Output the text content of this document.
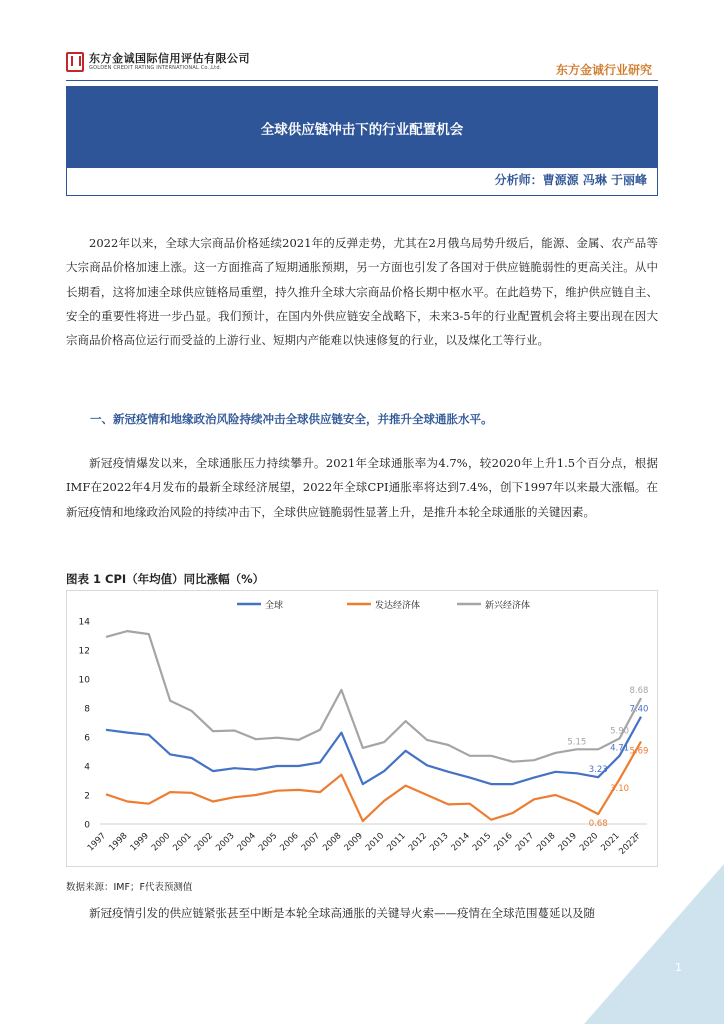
东方金诚国际信用评估有限公司
GOLDEN CREDIT RATING INTERNATIONAL Co.,Ltd.	东方金诚行业研究
全球供应链冲击下的行业配置机会
分析师：曹源源 冯琳 于丽峰

2022年以来，全球大宗商品价格延续2021年的反弹走势，尤其在2月俄乌局势升级后，能源、金属、农产品等大宗商品价格加速上涨。这一方面推高了短期通胀预期，另一方面也引发了各国对于供应链脆弱性的更高关注。从中长期看，这将加速全球供应链格局重塑，持久推升全球大宗商品价格长期中枢水平。在此趋势下，维护供应链自主、安全的重要性将进一步凸显。我们预计，在国内外供应链安全战略下，未来3-5年的行业配置机会将主要出现在因大宗商品价格高位运行而受益的上游行业、短期内产能难以快速修复的行业，以及煤化工等行业。

一、新冠疫情和地缘政治风险持续冲击全球供应链安全，并推升全球通胀水平。

新冠疫情爆发以来，全球通胀压力持续攀升。2021年全球通胀率为4.7%，较2020年上升1.5个百分点，根据IMF在2022年4月发布的最新全球经济展望，2022年全球CPI通胀率将达到7.4%，创下1997年以来最大涨幅。在新冠疫情和地缘政治风险的持续冲击下，全球供应链脆弱性显著上升，是推升本轮全球通胀的关键因素。

图表 1 CPI（年均值）同比涨幅（%）
0
2
4
6
8
10
12
14
1997 1998 1999 2000 2001 2002 2003 2004 2005 2006 2007 2008 2009 2010 2011 2012 2013 2014 2015 2016 2017 2018 2019 2020 2021
2022F
3.23
4.71
7.40
全球
0.68
3.10
5.69
发达经济体
5.15
5.90
8.68
新兴经济体
数据来源：IMF；F代表预测值
新冠疫情引发的供应链紧张甚至中断是本轮全球高通胀的关键导火索——疫情在全球范围蔓延以及随
1
